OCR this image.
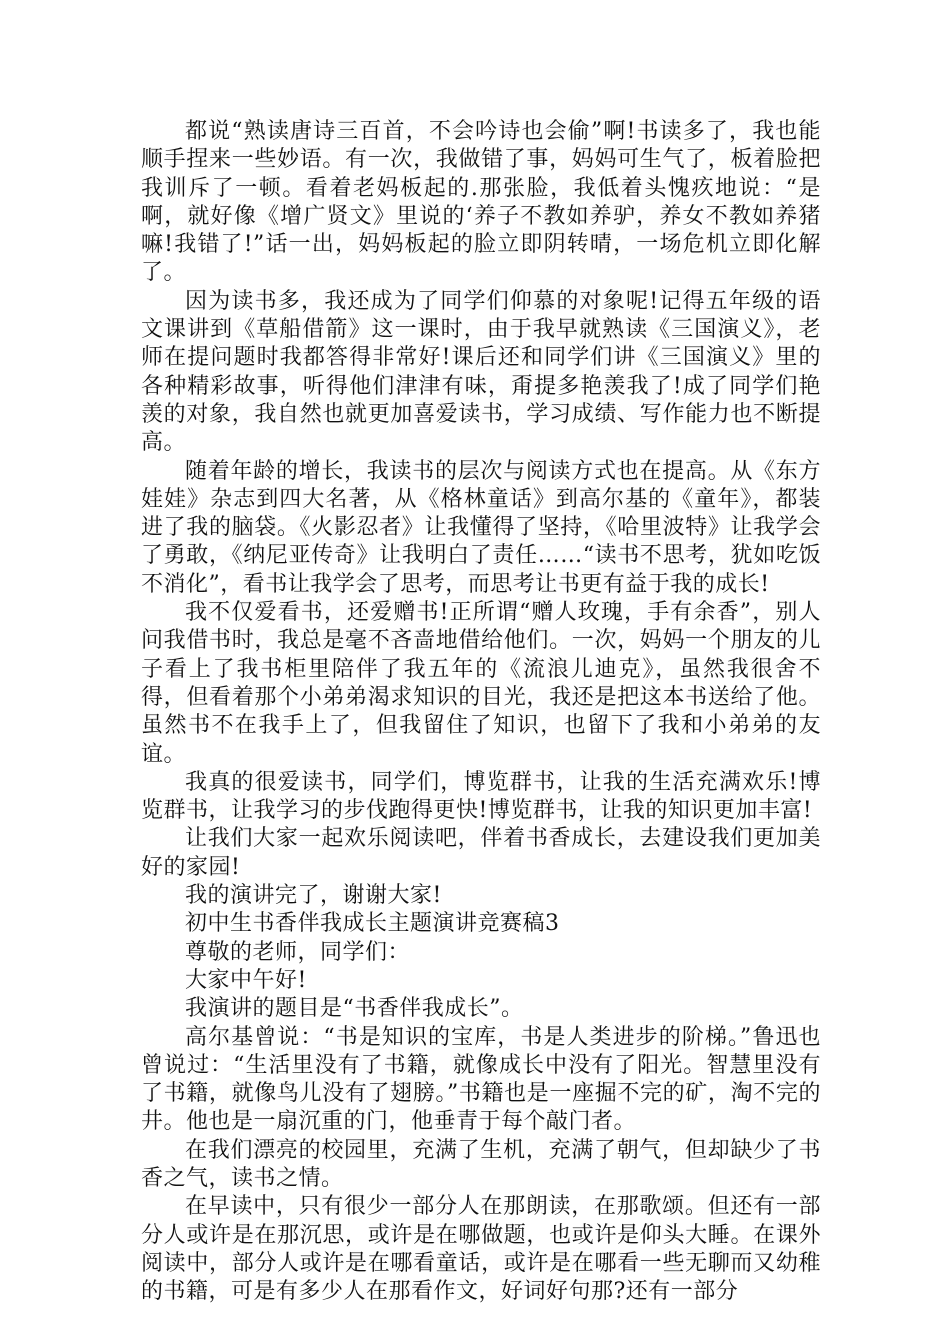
都说“熟读唐诗三百首，不会吟诗也会偷”啊!书读多了，我也能顺手捏来一些妙语。有一次，我做错了事，妈妈可生气了，板着脸把我训斥了一顿。看着老妈板起的.那张脸，我低着头愧疚地说：“是啊，就好像《增广贤文》里说的‘养子不教如养驴，养女不教如养猪嘛!我错了!”话一出，妈妈板起的脸立即阴转晴，一场危机立即化解了。

因为读书多，我还成为了同学们仰慕的对象呢!记得五年级的语文课讲到《草船借箭》这一课时，由于我早就熟读《三国演义》，老师在提问题时我都答得非常好!课后还和同学们讲《三国演义》里的各种精彩故事，听得他们津津有味，甭提多艳羡我了!成了同学们艳羡的对象，我自然也就更加喜爱读书，学习成绩、写作能力也不断提高。

随着年龄的增长，我读书的层次与阅读方式也在提高。从《东方娃娃》杂志到四大名著，从《格林童话》到高尔基的《童年》，都装进了我的脑袋。《火影忍者》让我懂得了坚持，《哈里波特》让我学会了勇敢，《纳尼亚传奇》让我明白了责任……“读书不思考，犹如吃饭不消化”，看书让我学会了思考，而思考让书更有益于我的成长!

我不仅爱看书，还爱赠书!正所谓“赠人玫瑰，手有余香”，别人问我借书时，我总是毫不吝啬地借给他们。一次，妈妈一个朋友的儿子看上了我书柜里陪伴了我五年的《流浪儿迪克》，虽然我很舍不得，但看着那个小弟弟渴求知识的目光，我还是把这本书送给了他。虽然书不在我手上了，但我留住了知识，也留下了我和小弟弟的友谊。

我真的很爱读书，同学们，博览群书，让我的生活充满欢乐!博览群书，让我学习的步伐跑得更快!博览群书，让我的知识更加丰富!

让我们大家一起欢乐阅读吧，伴着书香成长，去建设我们更加美好的家园!

我的演讲完了，谢谢大家!

初中生书香伴我成长主题演讲竞赛稿3

尊敬的老师，同学们：

大家中午好!

我演讲的题目是“书香伴我成长”。

高尔基曾说：“书是知识的宝库，书是人类进步的阶梯。”鲁迅也曾说过：“生活里没有了书籍，就像成长中没有了阳光。智慧里没有了书籍，就像鸟儿没有了翅膀。”书籍也是一座掘不完的矿，淘不完的井。他也是一扇沉重的门，他垂青于每个敲门者。

在我们漂亮的校园里，充满了生机，充满了朝气，但却缺少了书香之气，读书之情。

在早读中，只有很少一部分人在那朗读，在那歌颂。但还有一部分人或许是在那沉思，或许是在哪做题，也或许是仰头大睡。在课外阅读中，部分人或许是在哪看童话，或许是在哪看一些无聊而又幼稚的书籍，可是有多少人在那看作文，好词好句那?还有一部分
